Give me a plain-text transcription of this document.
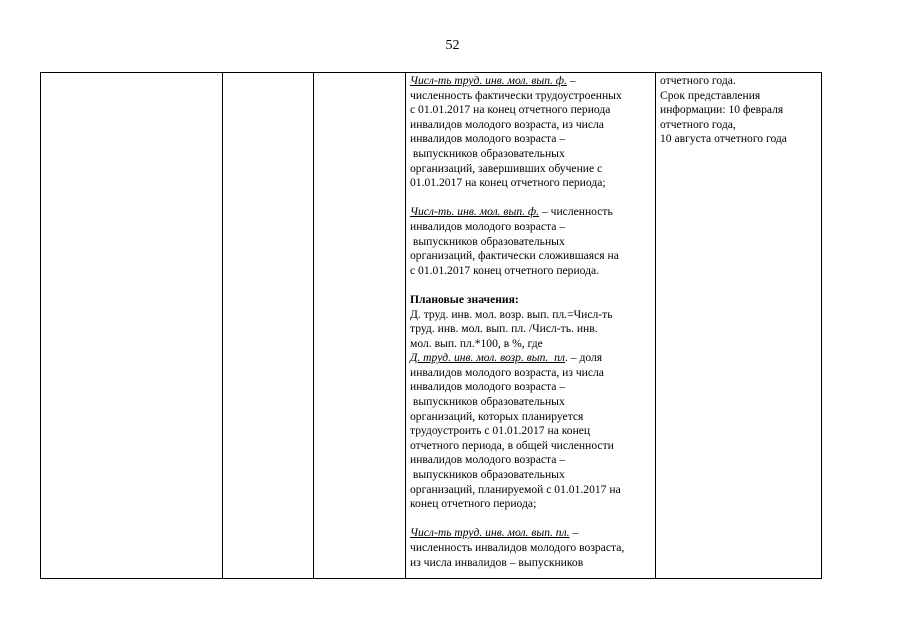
52
Числ-ть труд. инв. мол. вып. ф. –
численность фактически трудоустроенных
с 01.01.2017 на конец отчетного периода
инвалидов молодого возраста, из числа
инвалидов молодого возраста –
выпускников образовательных
организаций, завершивших обучение с
01.01.2017 на конец отчетного периода;
Числ-ть. инв. мол. вып. ф. – численность
инвалидов молодого возраста –
выпускников образовательных
организаций, фактически сложившаяся на
с 01.01.2017 конец отчетного периода.
Плановые значения:
Д. труд. инв. мол. возр. вып. пл.=Числ-ть
труд. инв. мол. вып. пл. /Числ-ть. инв.
мол. вып. пл.*100, в %, где
Д. труд. инв. мол. возр. вып.  пл. – доля
инвалидов молодого возраста, из числа
инвалидов молодого возраста –
выпускников образовательных
организаций, которых планируется
трудоустроить с 01.01.2017 на конец
отчетного периода, в общей численности
инвалидов молодого возраста –
выпускников образовательных
организаций, планируемой с 01.01.2017 на
конец отчетного периода;
Числ-ть труд. инв. мол. вып. пл. –
численность инвалидов молодого возраста,
из числа инвалидов – выпускников
отчетного года.
Срок представления
информации: 10 февраля
отчетного года,
10 августа отчетного года
